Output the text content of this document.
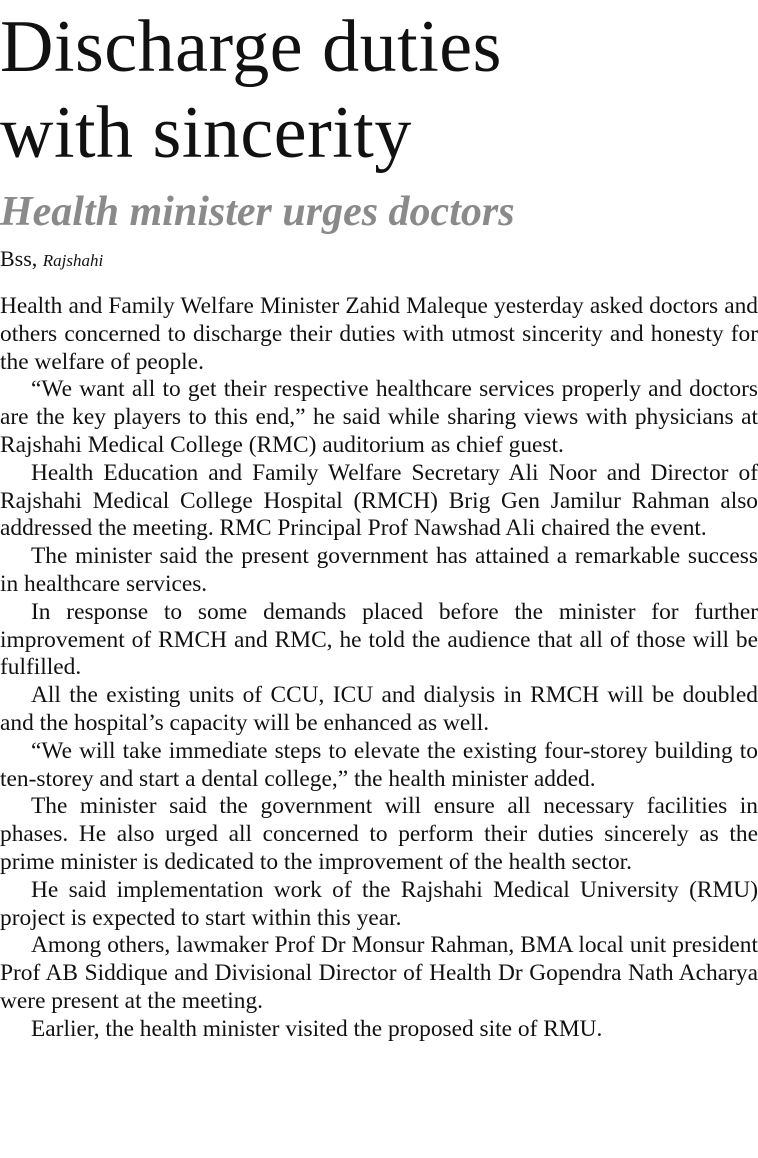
Discharge duties
with sincerity
Health minister urges doctors
Bss, Rajshahi

Health and Family Welfare Minister Zahid Maleque yesterday asked doctors and others concerned to discharge their duties with utmost sincerity and honesty for the welfare of people.

“We want all to get their respective healthcare services properly and doctors are the key players to this end,” he said while sharing views with physicians at Rajshahi Medical College (RMC) auditorium as chief guest.

Health Education and Family Welfare Secretary Ali Noor and Director of Rajshahi Medical College Hospital (RMCH) Brig Gen Jamilur Rahman also addressed the meeting. RMC Principal Prof Nawshad Ali chaired the event.

The minister said the present government has attained a remarkable success in healthcare services.

In response to some demands placed before the minister for further improvement of RMCH and RMC, he told the audience that all of those will be fulfilled.

All the existing units of CCU, ICU and dialysis in RMCH will be doubled and the hospital’s capacity will be enhanced as well.

“We will take immediate steps to elevate the existing four-storey building to ten-storey and start a dental college,” the health minister added.

The minister said the government will ensure all necessary facilities in phases. He also urged all concerned to perform their duties sincerely as the prime minister is dedicated to the improvement of the health sector.

He said implementation work of the Rajshahi Medical University (RMU) project is expected to start within this year.

Among others, lawmaker Prof Dr Monsur Rahman, BMA local unit president Prof AB Siddique and Divisional Director of Health Dr Gopendra Nath Acharya were present at the meeting.

Earlier, the health minister visited the proposed site of RMU.
